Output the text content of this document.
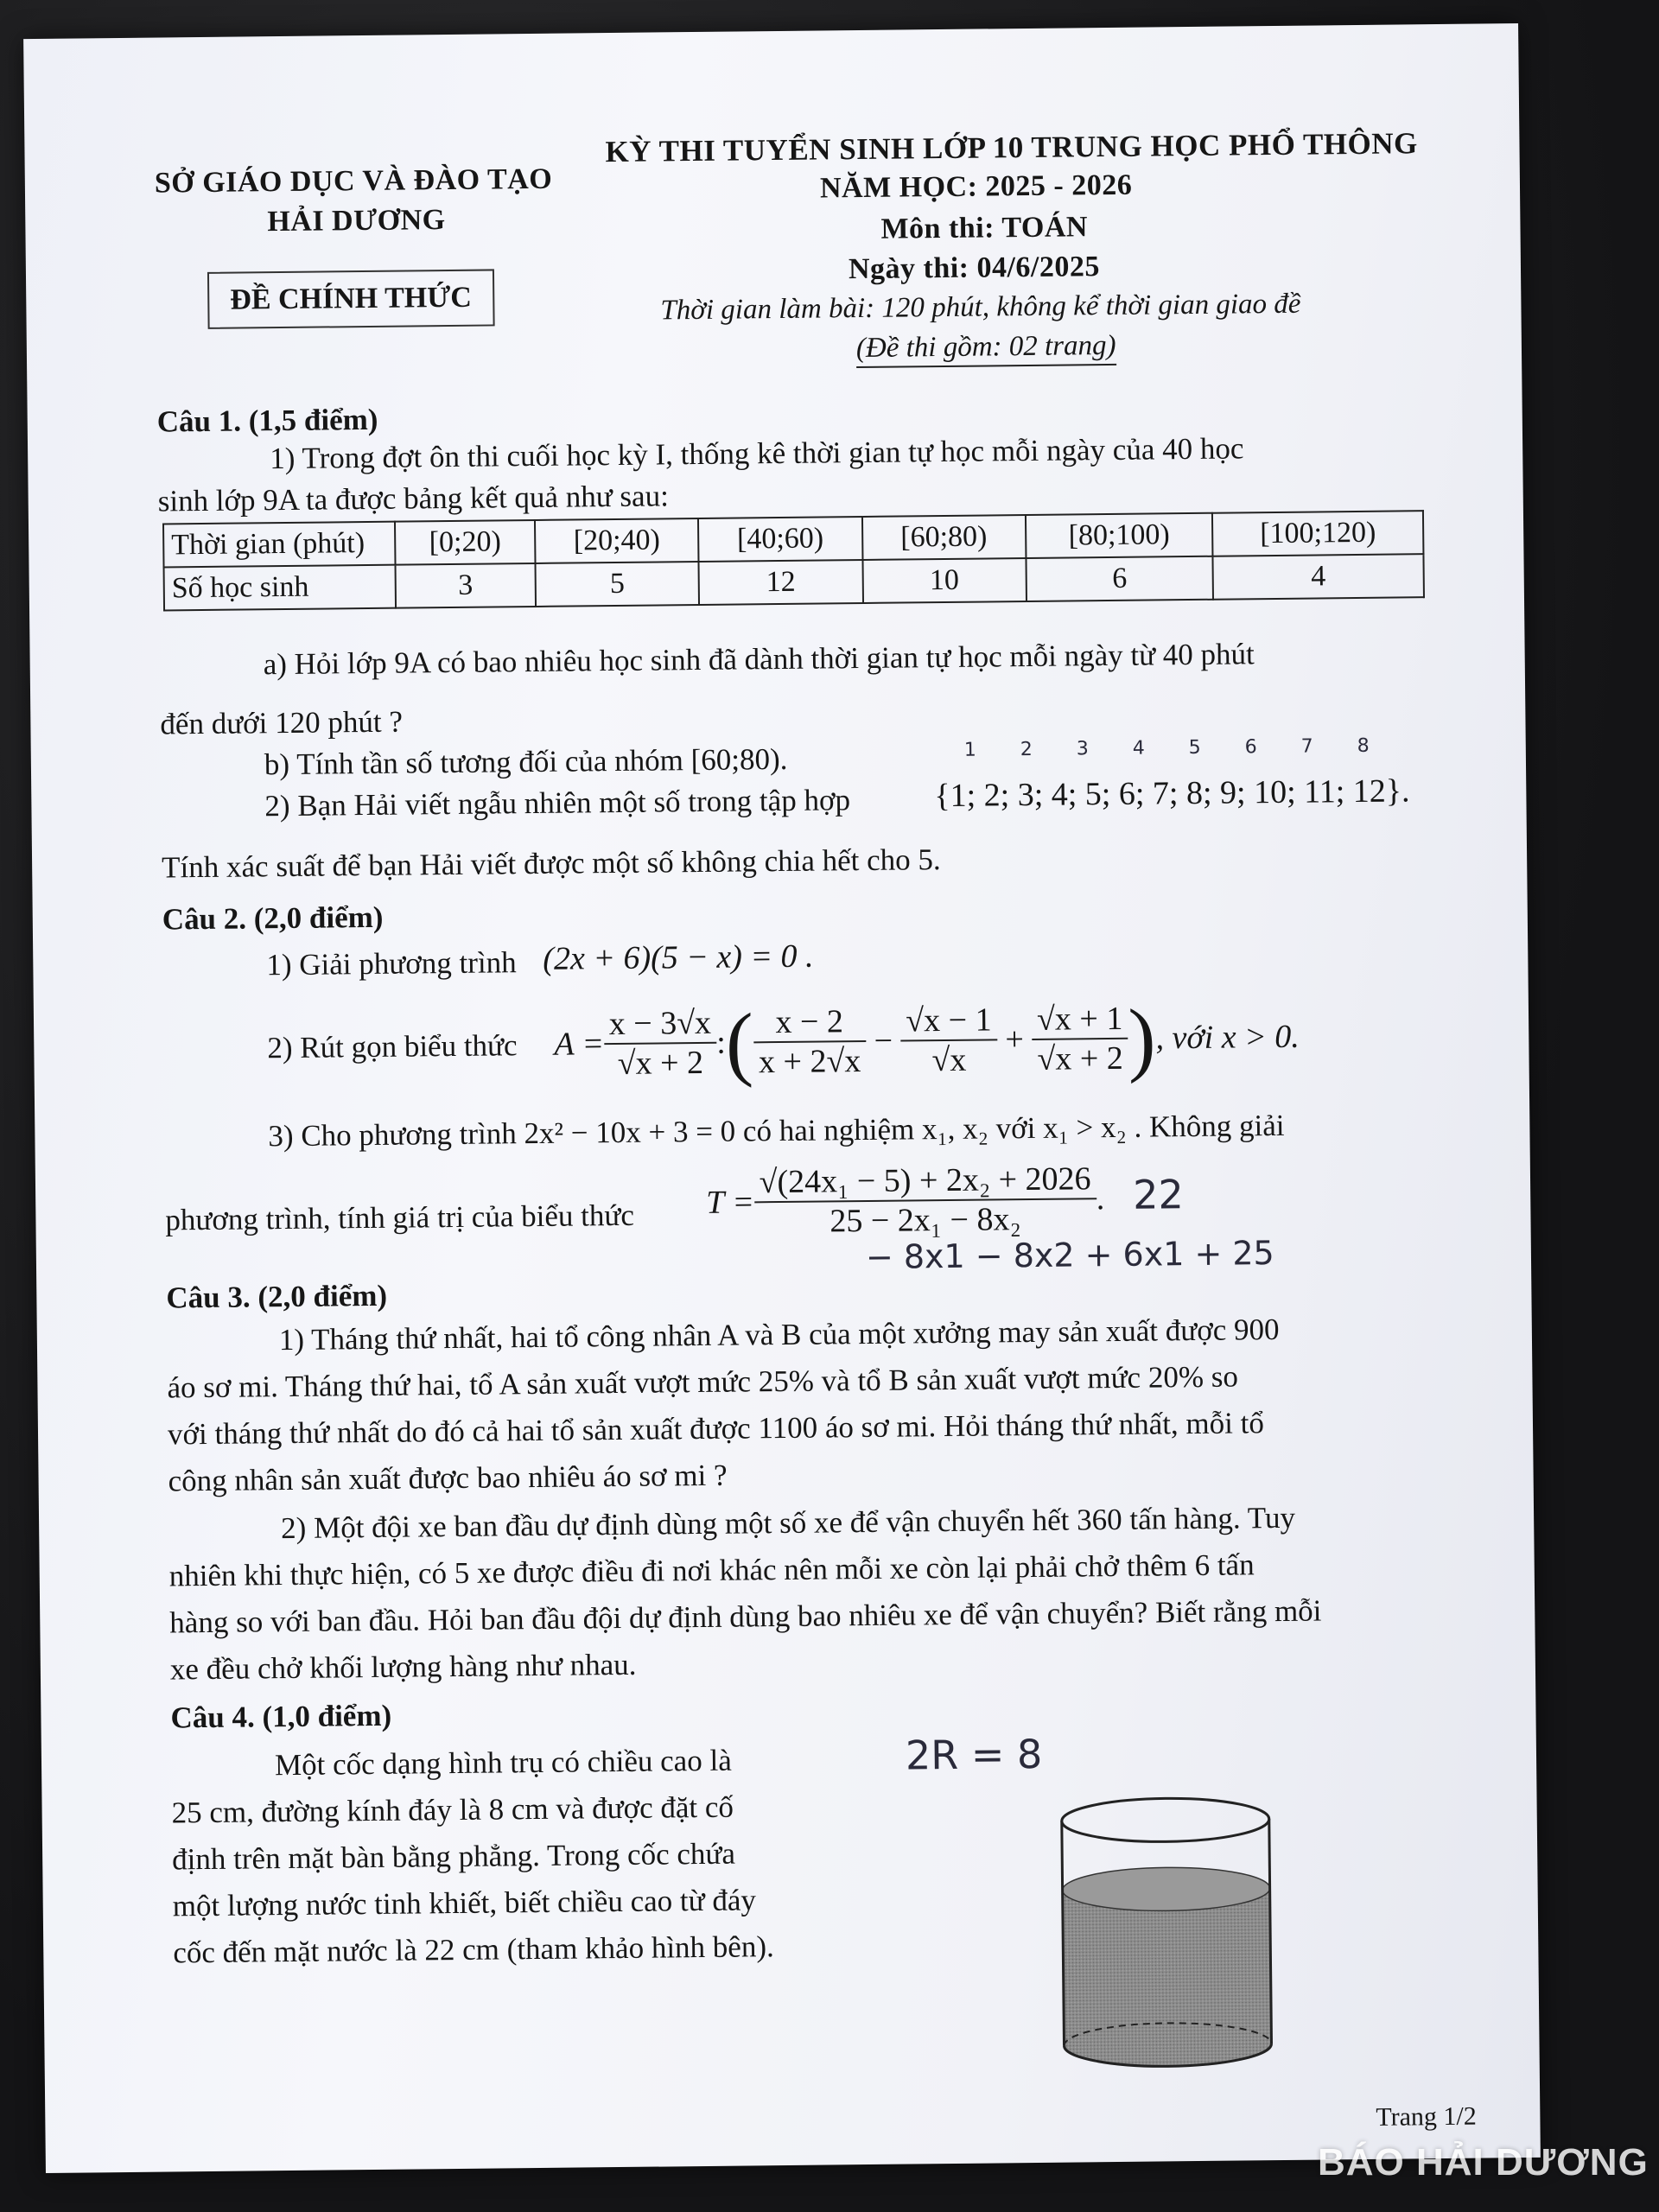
SỞ GIÁO DỤC VÀ ĐÀO TẠO
HẢI DƯƠNG
ĐỀ CHÍNH THỨC
KỲ THI TUYỂN SINH LỚP 10 TRUNG HỌC PHỔ THÔNG
NĂM HỌC: 2025 - 2026
Môn thi: TOÁN
Ngày thi: 04/6/2025
Thời gian làm bài: 120 phút, không kể thời gian giao đề
(Đề thi gồm: 02 trang)
Câu 1. (1,5 điểm)
1) Trong đợt ôn thi cuối học kỳ I, thống kê thời gian tự học mỗi ngày của 40 học
sinh lớp 9A ta được bảng kết quả như sau:
Thời gian (phút)	[0;20)	[20;40)	[40;60)	[60;80)	[80;100)	[100;120)
Số học sinh	3	5	12	10	6	4
a) Hỏi lớp 9A có bao nhiêu học sinh đã dành thời gian tự học mỗi ngày từ 40 phút
đến dưới 120 phút ?
b) Tính tần số tương đối của nhóm [60;80).
2) Bạn Hải viết ngẫu nhiên một số trong tập hợp	{1; 2; 3; 4; 5; 6; 7; 8; 9; 10; 11; 12}.
1 2 3 4 5 6 7 8
Tính xác suất để bạn Hải viết được một số không chia hết cho 5.
Câu 2. (2,0 điểm)
1) Giải phương trình (2x + 6)(5 − x) = 0 .
2) Rút gọn biểu thức $A = \frac{x - 3√x}{√x + 2}$ : (
$\frac{x - 2}{x + 2√x} - \frac{√x - 1}{√x} + \frac{√x + 1}{√x + 2}$
) , với x > 0.
3) Cho phương trình 2x² − 10x + 3 = 0 có hai nghiệm x₁, x₂ với x₁ > x₂ . Không giải
phương trình, tính giá trị của biểu thức $T = \frac{\text{√(24x₁ − 5) + 2x₂ + 2026}}{\text{25 − 2x₁ − 8x₂}}$ . 22
− 8x1 − 8x2 + 6x1 + 25
Câu 3. (2,0 điểm)
1) Tháng thứ nhất, hai tổ công nhân A và B của một xưởng may sản xuất được 900
áo sơ mi. Tháng thứ hai, tổ A sản xuất vượt mức 25% và tổ B sản xuất vượt mức 20% so
với tháng thứ nhất do đó cả hai tổ sản xuất được 1100 áo sơ mi. Hỏi tháng thứ nhất, mỗi tổ
công nhân sản xuất được bao nhiêu áo sơ mi ?
2) Một đội xe ban đầu dự định dùng một số xe để vận chuyển hết 360 tấn hàng. Tuy
nhiên khi thực hiện, có 5 xe được điều đi nơi khác nên mỗi xe còn lại phải chở thêm 6 tấn
hàng so với ban đầu. Hỏi ban đầu đội dự định dùng bao nhiêu xe để vận chuyển? Biết rằng mỗi
xe đều chở khối lượng hàng như nhau.
Câu 4. (1,0 điểm)
Một cốc dạng hình trụ có chiều cao là
25 cm, đường kính đáy là 8 cm và được đặt cố
định trên mặt bàn bằng phẳng. Trong cốc chứa
một lượng nước tinh khiết, biết chiều cao từ đáy
cốc đến mặt nước là 22 cm (tham khảo hình bên).
2R = 8
Trang 1/2
BÁO HẢI DƯƠNG
